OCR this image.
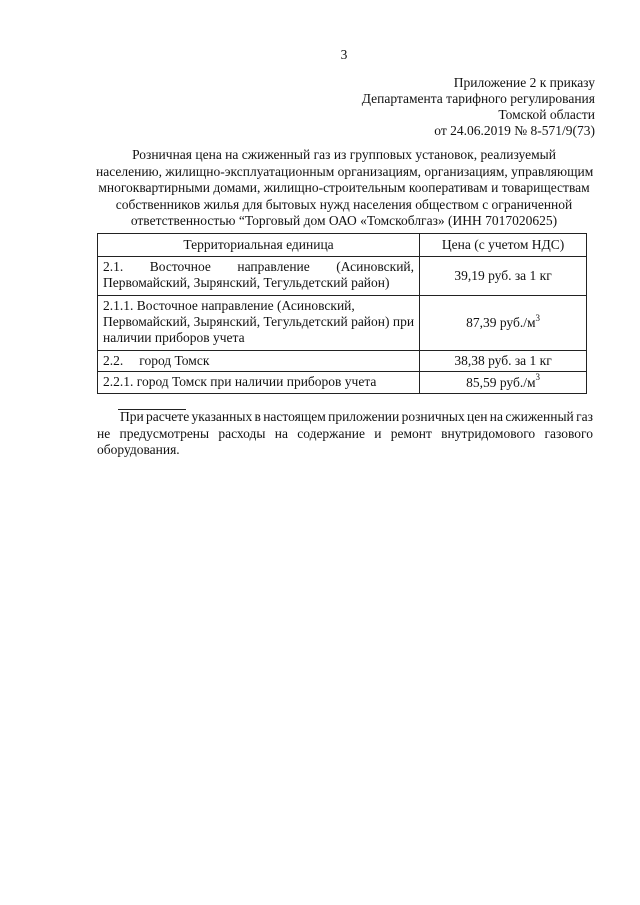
3
Приложение 2 к приказу
Департамента тарифного регулирования
Томской области
от 24.06.2019 № 8-571/9(73)
Розничная цена на сжиженный газ из групповых установок, реализуемый
населению, жилищно-эксплуатационным организациям, организациям, управляющим
многоквартирными домами, жилищно-строительным кооперативам и товариществам
собственников жилья для бытовых нужд населения обществом с ограниченной
ответственностью “Торговый дом ОАО «Томскоблгаз» (ИНН 7017020625)
Территориальная единица	Цена (с учетом НДС)

2.1. Восточное направление (Асиновский,
Первомайский, Зырянский, Тегульдетский район)	39,19 руб. за 1 кг

2.1.1. Восточное направление (Асиновский,
Первомайский, Зырянский, Тегульдетский район) при
наличии приборов учета	87,39 $руб./м^3$

2.2. город Томск	38,38 руб. за 1 кг

2.2.1. город Томск при наличии приборов учета	85,59 $руб./м^3$
При расчете указанных в настоящем приложении розничных цен на сжиженный газ
не предусмотрены расходы на содержание и ремонт внутридомового газового
оборудования.
